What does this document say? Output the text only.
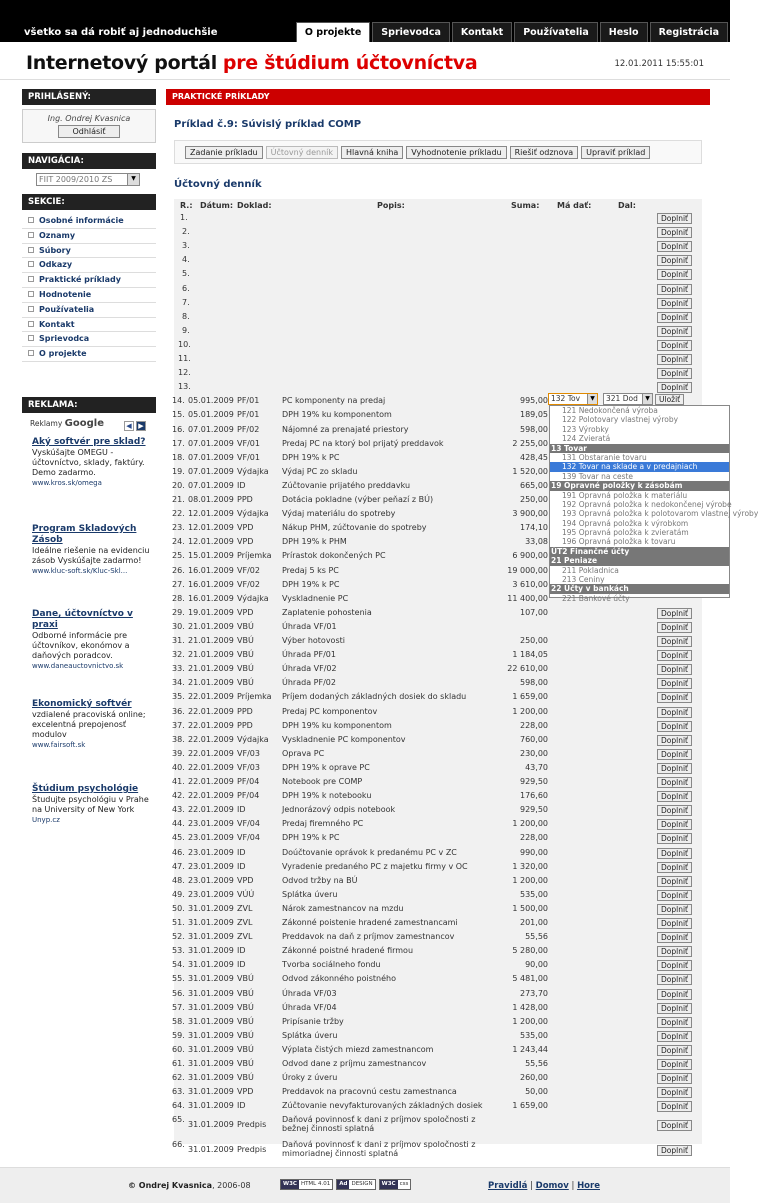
všetko sa dá robiť aj jednoduchšie	O projekte	Sprievodca	Kontakt	Používatelia	Heslo	Registrácia
Internetový portál pre štúdium účtovníctva	12.01.2011 15:55:01
PRIHLÁSENÝ:
Ing. Ondrej Kvasnica
Odhlásiť
NAVIGÁCIA:
FIIT 2009/2010 ZS	▼
SEKCIE:
Osobné informácie
Oznamy
Súbory
Odkazy
Praktické príklady
Hodnotenie
Používatelia
Kontakt
Sprievodca
O projekte
REKLAMA:
Reklamy Google	◀ ▶
Aký softvér pre sklad?
Vyskúšajte OMEGU - účtovníctvo, sklady, faktúry. Demo zadarmo.
www.kros.sk/omega
Program Skladových Zásob
Ideálne riešenie na evidenciu zásob Vyskúšajte zadarmo!
www.kluc-soft.sk/Kluc-Skl...
Dane, účtovníctvo v praxi
Odborné informácie pre účtovníkov, ekonómov a daňových poradcov.
www.daneauctovnictvo.sk
Ekonomický softvér
vzdialené pracoviská online; excelentná prepojenosť modulov
www.fairsoft.sk
Štúdium psychológie
Študujte psychológiu v Prahe na University of New York
Unyp.cz
PRAKTICKÉ PRÍKLADY
Príklad č.9: Súvislý príklad COMP
Zadanie príkladu Účtovný denník Hlavná kniha Vyhodnotenie príkladu Riešiť odznova Upraviť príklad
Účtovný denník
R.: Dátum: Doklad:	Popis:	Suma: Má dať:	Dal:
1.	Doplniť
2.	Doplniť
3.	Doplniť
4.	Doplniť
5.	Doplniť
6.	Doplniť
7.	Doplniť
8.	Doplniť
9.	Doplniť
10.	Doplniť
11.	Doplniť
12.	Doplniť
13.	Doplniť
14. 05.01.2009 PF/01	PC komponenty na predaj	995,00
15. 05.01.2009 PF/01	DPH 19% ku komponentom	189,05
16. 07.01.2009 PF/02	Nájomné za prenajaté priestory	598,00
17. 07.01.2009 VF/01	Predaj PC na ktorý bol prijatý preddavok	2 255,00
18. 07.01.2009 VF/01	DPH 19% k PC	428,45
19. 07.01.2009 Výdajka Výdaj PC zo skladu	1 520,00
20. 07.01.2009 ID	Zúčtovanie prijatého preddavku	665,00
21. 08.01.2009 PPD	Dotácia pokladne (výber peňazí z BÚ)	250,00
22. 12.01.2009 Výdajka Výdaj materiálu do spotreby	3 900,00
23. 12.01.2009 VPD	Nákup PHM, zúčtovanie do spotreby	174,10
24. 12.01.2009 VPD	DPH 19% k PHM	33,08
25. 15.01.2009 Príjemka Prírastok dokončených PC	6 900,00
26. 16.01.2009 VF/02	Predaj 5 ks PC	19 000,00
27. 16.01.2009 VF/02	DPH 19% k PC	3 610,00
28. 16.01.2009 Výdajka Vyskladnenie PC	11 400,00
29. 19.01.2009 VPD	Zaplatenie pohostenia	107,00	Doplniť
30. 21.01.2009 VBÚ	Úhrada VF/01	Doplniť
31. 21.01.2009 VBÚ	Výber hotovosti	250,00	Doplniť
32. 21.01.2009 VBÚ	Úhrada PF/01	1 184,05	Doplniť
33. 21.01.2009 VBÚ	Úhrada VF/02	22 610,00	Doplniť
34. 21.01.2009 VBÚ	Úhrada PF/02	598,00	Doplniť
35. 22.01.2009 Príjemka Príjem dodaných základných dosiek do skladu	1 659,00	Doplniť
36. 22.01.2009 PPD	Predaj PC komponentov	1 200,00	Doplniť
37. 22.01.2009 PPD	DPH 19% ku komponentom	228,00	Doplniť
38. 22.01.2009 Výdajka Vyskladnenie PC komponentov	760,00	Doplniť
39. 22.01.2009 VF/03	Oprava PC	230,00	Doplniť
40. 22.01.2009 VF/03	DPH 19% k oprave PC	43,70	Doplniť
41. 22.01.2009 PF/04	Notebook pre COMP	929,50	Doplniť
42. 22.01.2009 PF/04	DPH 19% k notebooku	176,60	Doplniť
43. 22.01.2009 ID	Jednorázový odpis notebook	929,50	Doplniť
44. 23.01.2009 VF/04	Predaj firemného PC	1 200,00	Doplniť
45. 23.01.2009 VF/04	DPH 19% k PC	228,00	Doplniť
46. 23.01.2009 ID	Doúčtovanie oprávok k predanému PC v ZC	990,00	Doplniť
47. 23.01.2009 ID	Vyradenie predaného PC z majetku firmy v OC	1 320,00	Doplniť
48. 23.01.2009 VPD	Odvod tržby na BÚ	1 200,00	Doplniť
49. 23.01.2009 VÚÚ	Splátka úveru	535,00	Doplniť
50. 31.01.2009 ZVL	Nárok zamestnancov na mzdu	1 500,00	Doplniť
51. 31.01.2009 ZVL	Zákonné poistenie hradené zamestnancami	201,00	Doplniť
52. 31.01.2009 ZVL	Preddavok na daň z príjmov zamestnancov	55,56	Doplniť
53. 31.01.2009 ID	Zákonné poistné hradené firmou	5 280,00	Doplniť
54. 31.01.2009 ID	Tvorba sociálneho fondu	90,00	Doplniť
55. 31.01.2009 VBÚ	Odvod zákonného poistného	5 481,00	Doplniť
56. 31.01.2009 VBÚ	Úhrada VF/03	273,70	Doplniť
57. 31.01.2009 VBÚ	Úhrada VF/04	1 428,00	Doplniť
58. 31.01.2009 VBÚ	Pripísanie tržby	1 200,00	Doplniť
59. 31.01.2009 VBÚ	Splátka úveru	535,00	Doplniť
60. 31.01.2009 VBÚ	Výplata čistých miezd zamestnancom	1 243,44	Doplniť
61. 31.01.2009 VBÚ	Odvod dane z príjmu zamestnancov	55,56	Doplniť
62. 31.01.2009 VBÚ	Úroky z úveru	260,00	Doplniť
63. 31.01.2009 VPD	Preddavok na pracovnú cestu zamestnanca	50,00	Doplniť
64. 31.01.2009 ID	Zúčtovanie nevyfakturovaných základných dosiek	1 659,00	Doplniť
65.
31.01.2009 Predpis
Daňová povinnosť k dani z príjmov spoločnosti z bežnej činnosti splatná	Doplniť
66.
31.01.2009 Predpis
Daňová povinnosť k dani z príjmov spoločnosti z mimoriadnej činnosti splatná	Doplniť
132 Tov	▼	321 Dod	▼	Uložiť
121 Nedokončená výroba
122 Polotovary vlastnej výroby
123 Výrobky
124 Zvieratá
13 Tovar
131 Obstaranie tovaru
132 Tovar na sklade a v predajniach
139 Tovar na ceste
19 Opravné položky k zásobám
191 Opravná položka k materiálu
192 Opravná položka k nedokončenej výrobe
193 Opravná položka k polotovarom vlastnej výroby
194 Opravná položka k výrobkom
195 Opravná položka k zvieratám
196 Opravná položka k tovaru
ÚT2 Finančné účty
21 Peniaze
211 Pokladnica
213 Ceniny
22 Účty v bankách
221 Bankové účty
© Ondrej Kvasnica, 2006-08	W3C HTML 4.01	Ad DESIGN	W3C css	Pravidlá | Domov | Hore
